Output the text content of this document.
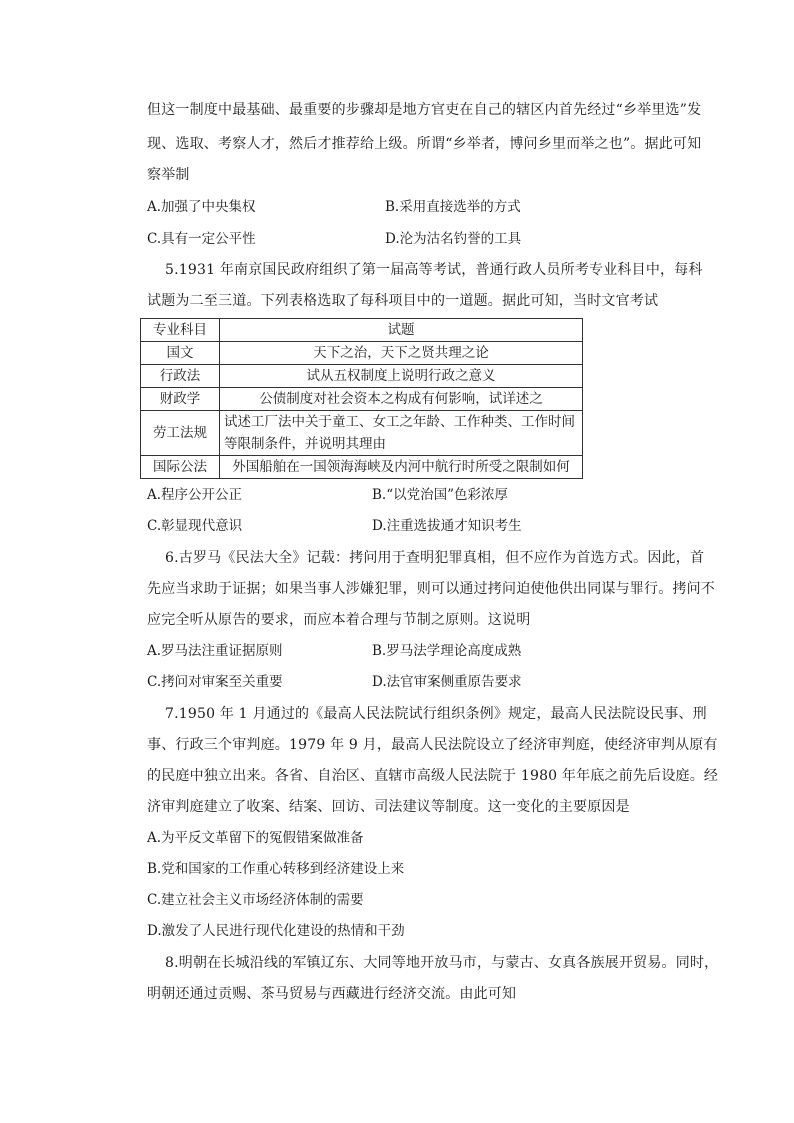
但这一制度中最基础、最重要的步骤却是地方官吏在自己的辖区内首先经过“乡举里选”发
现、选取、考察人才，然后才推荐给上级。所谓“乡举者，博问乡里而举之也”。据此可知
察举制
A.加强了中央集权	B.采用直接选举的方式
C.具有一定公平性	D.沦为沽名钓誉的工具
5.1931 年南京国民政府组织了第一届高等考试，普通行政人员所考专业科目中，每科
试题为二至三道。下列表格选取了每科项目中的一道题。据此可知，当时文官考试
专业科目	试题
国文	天下之治，天下之贤共理之论
行政法	试从五权制度上说明行政之意义
财政学	公债制度对社会资本之构成有何影响，试详述之
劳工法规	试述工厂法中关于童工、女工之年龄、工作种类、工作时间等限制条件，并说明其理由

国际公法	外国船舶在一国领海海峡及内河中航行时所受之限制如何
A.程序公开公正	B.“以党治国”色彩浓厚
C.彰显现代意识	D.注重选拔通才知识考生
6.古罗马《民法大全》记载：拷问用于查明犯罪真相，但不应作为首选方式。因此，首
先应当求助于证据；如果当事人涉嫌犯罪，则可以通过拷问迫使他供出同谋与罪行。拷问不
应完全听从原告的要求，而应本着合理与节制之原则。这说明
A.罗马法注重证据原则	B.罗马法学理论高度成熟
C.拷问对审案至关重要	D.法官审案侧重原告要求
7.1950 年 1 月通过的《最高人民法院试行组织条例》规定，最高人民法院设民事、刑
事、行政三个审判庭。1979 年 9 月，最高人民法院设立了经济审判庭，使经济审判从原有
的民庭中独立出来。各省、自治区、直辖市高级人民法院于 1980 年年底之前先后设庭。经
济审判庭建立了收案、结案、回访、司法建议等制度。这一变化的主要原因是
A.为平反文革留下的冤假错案做准备
B.党和国家的工作重心转移到经济建设上来
C.建立社会主义市场经济体制的需要
D.激发了人民进行现代化建设的热情和干劲
8.明朝在长城沿线的军镇辽东、大同等地开放马市，与蒙古、女真各族展开贸易。同时，
明朝还通过贡赐、茶马贸易与西藏进行经济交流。由此可知
